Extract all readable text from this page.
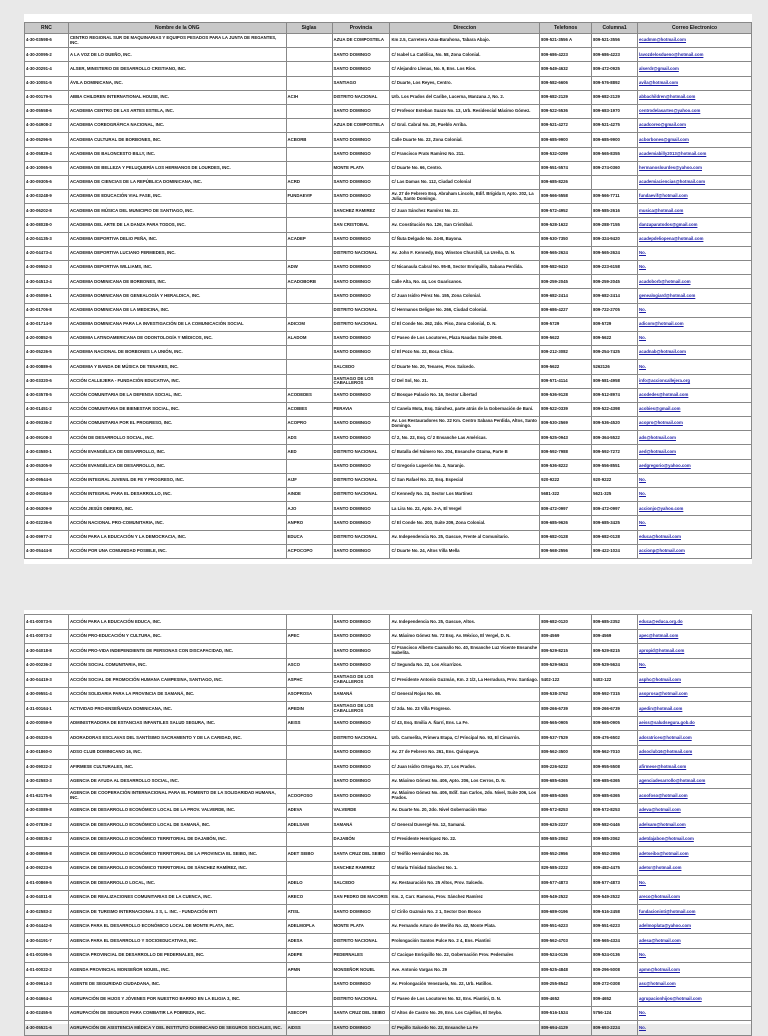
RNC	Nombre de la ONG	Siglas	Provincia	Direccion	Telefonos	Columna1	Correo Electronico
4-30-03598-6	CENTRO REGIONAL SUR DE MAQUINARIAS Y EQUIPOS PESADOS PARA LA JUNTA DE REGANTES, INC.		AZUA DE COMPOSTELA	Km 2.5, Carretera Azua-Barahona, Tabara Abajo.	809-521-3556 A	809-521-3556	ecadmm@hotmail.com
4-30-20095-2	A LA VOZ DE LO DUEÑO, INC.		SANTO DOMINGO	C/ Isabel La Católica, No. 58, Zona Colonial.	809-686-4223	809-686-4223	lavozdelosdueno@hotmail.com
4-30-20291-4	ALSER, MINISTERIO DE DESARROLLO CRISTIANO, INC.		SANTO DOMINGO	C/ Alejandro Llenas, No. 9, Ens. Los Ríos.	809-549-4632	809-472-0925	alserdr@gmail.com
4-30-10051-5	ÁVILA DOMINICANA, INC.		SANTIAGO	C/ Duarte, Los Reyes, Centro.	809-582-6606	809-576-8892	avila@hotmail.com
4-30-00179-5	ABBA CHILDREN INTERNATIONAL HOUSE, INC.	ACIH	DISTRITO NACIONAL	Urb. Los Prados del Caribe, Lucerna, Manzana J, No. 2.	809-682-2129	809-682-2129	abbachildren@hotmail.com
4-30-05558-6	ACADEMIA CENTRO DE LAS ARTES ESTELA, INC.		SANTO DOMINGO	C/ Profesor Esteban Suazo No. 13, Urb. Residencial Máximo Gómez.	809-522-5536	809-683-1970	centrodelasartes@yahoo.com
4-30-04908-2	ACADEMIA COREOGRÁFICA NACIONAL, INC.		AZUA DE COMPOSTELA	C/ Gral. Cabral No. 20, Pueblo Arriba.	809-521-4272	809-521-4275	acadcoreo@gmail.com
4-30-05296-5	ACADEMIA CULTURAL DE BORBONES, INC.	ACBORB	SANTO DOMINGO	Calle Duarte No. 22, Zona Colonial.	809-685-9900	809-685-9900	acborbones@gmail.com
4-30-05829-4	ACADEMIA DE BALONCESTO BILLY, INC.		SANTO DOMINGO	C/ Francisco Prats Ramírez No. 211.	809-532-0299	809-565-8355	academiabilly2013@hotmail.com
4-30-10065-5	ACADEMIA DE BELLEZA Y PELUQUERÍA LOS HERMANOS DE LOURDES, INC.		MONTE PLATA	C/ Duarte No. 66, Centro.	809-551-5574	809-274-0360	hermanoslourdes@yahoo.com
4-30-09305-6	ACADEMIA DE CIENCIAS DE LA REPÚBLICA DOMINICANA, INC.	ACRD	SANTO DOMINGO	C/ Las Damas No. 112, Ciudad Colonial	809-685-8226		academiaciencias@hotmail.com
4-30-03248-9	ACADEMIA DE EDUCACIÓN VIAL FASE, INC.	FUNDAEVIF	SANTO DOMINGO	Av. 27 de Febrero Esq. Abraham Lincoln, Edif. Brígida II, Apto. 202, La Julia, Santo Domingo.	809-566-5558	809-566-7711	fundaevif@hotmail.com
4-30-06202-8	ACADEMIA DE MÚSICA DEL MUNICIPIO DE SANTIAGO, INC.		SANCHEZ RAMIREZ	C/ Juan Sánchez Ramírez No. 22.	809-572-4952	809-585-2616	musica@hotmail.com
4-30-08028-0	ACADEMIA DEL ARTE DE LA DANZA PARA TODOS, INC.		SAN CRISTOBAL	Av. Constitución No. 126, San Cristóbal.	809-528-1622	809-288-7155	danzaparatodos@gmail.com
4-20-04135-3	ACADEMIA DEPORTIVA DELIO PEÑA, INC.	ACADEP	SANTO DOMINGO	C/ Ñuta Delgado No. 24-B, Bayona.	809-530-7350	809-324-9420	acadepdeliopena@hotmail.com
4-20-04473-4	ACADEMIA DEPORTIVA LUCIANO FERMEDES, INC.		DISTRITO NACIONAL	Av. John F. Kennedy, Esq. Winston Churchill, La Ureña, D. N.	809-565-2624	809-565-2624	No.
4-30-09552-3	ACADEMIA DEPORTIVA WILLIAMS, INC.	ADW	SANTO DOMINGO	C/ Nicanaula Cabral No. 95-B, Sector Enriquillo, Sabana Perdida.	809-582-9410	809-223-6158	No.
4-30-04513-4	ACADEMIA DOMINICANA DE BORBONES, INC.	ACADOBORB	SANTO DOMINGO	Calle Alta, No. 44, Los Guaricanos.	809-259-2045	809-259-2045	acadoborb@hotmail.com
4-30-05059-1	ACADEMIA DOMINICANA DE GENEALOGÍA Y HERALDICA, INC.		SANTO DOMINGO	C/ Juan Isidro Pérez No. 155, Zona Colonial.	809-682-2414	809-682-2414	genealogiard@hotmail.com
4-30-01706-8	ACADEMIA DOMINICANA DE LA MEDICINA, INC.		DISTRITO NACIONAL	C/ Hermanos Deligne No. 266, Ciudad Colonial.	809-686-4227	809-722-2705	No.
4-30-01714-9	ACADEMIA DOMINICANA PARA LA INVESTIGACIÓN DE LA COMUNICACIÓN SOCIAL	ADICOM	DISTRITO NACIONAL	C/ El Conde No. 262, 2do. Piso, Zona Colonial, D. N.	809-5729	809-5729	adicom@hotmail.com
4-20-00852-5	ACADEMIA LATINOAMERICANA DE ODONTOLOGÍA Y MÉDICOS, INC.	ALADOM	SANTO DOMINGO	C/ Paseo de Los Locutores, Plaza Naudas Suite 206-B.	809-5622	809-5622	No.
4-30-05226-5	ACADEMIA NACIONAL DE BORBONES LA UNIÓN, INC.		SANTO DOMINGO	C/ El Pozo No. 22, Boca Chica.	809-212-3082	809-254-7425	acadnab@hotmail.com
4-30-00889-6	ACADEMIA Y BANDA DE MÚSICA DE TENARES, INC.		SALCEDO	C/ Duarte No. 20, Tenares, Prov. Salcedo.	809-5622	5262126	No.
4-30-03320-6	ACCIÓN CALLEJERA - FUNDACIÓN EDUCATIVA, INC.		SANTIAGO DE LOS CABALLEROS	C/ Del Sol, No. 21.	809-571-4114	809-581-4958	info@accioncallejera.org
4-30-03578-5	ACCIÓN COMUNITARIA DE LA DEFENSA SOCIAL, INC.	ACODEDES	SANTO DOMINGO	C/ Bosque Palacio No. 16, Sector Libertad	809-536-9128	809-512-8974	acodedes@hotmail.com
4-30-01451-2	ACCIÓN COMUNITARIA DE BIENESTAR SOCIAL, INC.	ACOBIES	PERAVIA	C/ Canela Mota, Esq. Sánchez, parte atrás de la Gobernación de Baní.	809-522-0339	809-522-4398	acobies@gmail.com
4-30-09336-2	ACCIÓN COMUNITARIA POR EL PROGRESO, INC.	ACOPRO	SANTO DOMINGO	Av. Los Restauradores No. 22 Km. Centro Sabana Perdida, Altos, Santo Domingo.	809-530-2569	809-536-4520	acopro@hotmail.com
4-30-09108-3	ACCIÓN DE DESARROLLO SOCIAL, INC.	ADS	SANTO DOMINGO	C/ 2, No. 22, Esq. C/ 2 Ensanche Las Américas.	809-525-0943	809-364-5522	ads@hotmail.com
4-30-03580-1	ACCIÓN EVANGÉLICA DE DESARROLLO, INC.	AED	DISTRITO NACIONAL	C/ Batalla del Número No. 204, Ensanche Ozama, Parte B	809-592-7988	809-592-7272	aed@hotmail.com
4-30-05305-9	ACCIÓN EVANGÉLICA DE DESARROLLO, INC.		SANTO DOMINGO	C/ Gregorio Luperón No. 2, Naranjo.	809-536-8222	809-556-8551	aedgregorio@yahoo.com
4-30-09544-6	ACCIÓN INTEGRAL JUVENIL DE FE Y PROGRESO, INC.	AIJF	DISTRITO NACIONAL	C/ San Rafael No. 22, Esq. Especial	920-9222	920-9222	No.
4-20-09184-9	ACCIÓN INTEGRAL PARA EL DESARROLLO, INC.	AINDE	DISTRITO NACIONAL	C/ Kennedy No. 24, Sector Los Martínez	5681-322	5621-325	No.
4-30-06309-9	ACCIÓN JESÚS OBRERO, INC.	AJO	SANTO DOMINGO	La Lira No. 22, Apto. 2-A, El Vergel	809-472-0997	809-472-0997	accionjo@yahoo.com
4-30-02236-6	ACCIÓN NACIONAL PRO-COMUNITARIA, INC.	ANPRO	SANTO DOMINGO	C/ El Conde No. 203, Suite 209, Zona Colonial.	809-685-9626	809-685-3425	No.
4-30-09977-2	ACCIÓN PARA LA EDUCACIÓN Y LA DEMOCRACIA, INC.	EDUCA	DISTRITO NACIONAL	Av. Independencia No. 25, Gascue, Frente al Comunitario.	809-682-0128	809-682-0128	educa@hotmail.com
4-30-05444-8	ACCIÓN POR UNA COMUNIDAD POSIBLE, INC.	ACPOCOPO	SANTO DOMINGO	C/ Duarte No. 24, Altos Villa Mella	809-568-2556	809-422-1024	accionp@hotmail.com
4-01-00073-5	ACCIÓN PARA LA EDUCACIÓN EDUCA, INC.		SANTO DOMINGO	Av. Independencia No. 25, Gascue, Altos.	809-682-0120	809-685-2352	educa@educa.org.do
4-01-00073-2	ACCIÓN PRO-EDUCACIÓN Y CULTURA, INC.	APEC	SANTO DOMINGO	Av. Máximo Gómez No. 72 Esq. Av. México, El Vergel, D. N.	809-4569	809-4569	apec@hotmail.com
4-30-04018-8	ACCIÓN PRO-VIDA INDEPENDIENTE DE PERSONAS CON DISCAPACIDAD, INC.		SANTO DOMINGO	C/ Francisco Alberto Caamaño No. 40, Ensanche Luz Vicente Ensanche Isabelita.	809-529-8215	809-529-8215	apropid@hotmail.com
4-20-00236-2	ACCIÓN SOCIAL COMUNITARIA, INC.	ASCO	SANTO DOMINGO	C/ Segunda No. 22, Los Alcarrizos.	809-529-5624	809-529-5624	No.
4-30-04419-3	ACCIÓN SOCIAL DE PROMOCIÓN HUMANA CAMPESINA, SANTIAGO, INC.	ASPHC	SANTIAGO DE LOS CABALLEROS	C/ Presidente Antonio Guzmán, Km. 2 1/2, La Herradura, Prov. Santiago.	5402-122	5402-122	asphc@hotmail.com
4-30-09551-4	ACCIÓN SOLIDARIA PARA LA PROVINCIA DE SAMANÁ, INC.	ASOPROSA	SAMANÁ	C/ General Rojas No. 66.	809-538-3762	809-592-7315	asoprosa@hotmail.com
4-31-00164-1	ACTIVIDAD PRO-ENSEÑANZA DOMINICANA, INC.	APEDIN	SANTIAGO DE LOS CABALLEROS	C/ 2da. No. 23 Villa Progreso.	809-266-6739	809-266-6739	apedin@hotmail.com
4-20-00059-9	ADMINISTRADORA DE ESTANCIAS INFANTILES SALUD SEGURA, INC.	AEISS	SANTO DOMINGO	C/ 43, Esq. Emilia A. Ñarrí, Ens. La Fe.	809-565-0905	809-565-0905	aeiss@saludsegura.gob.do
4-30-05320-5	ADORADORAS ESCLAVAS DEL SANTÍSIMO SACRAMENTO Y DE LA CARIDAD, INC.		DISTRITO NACIONAL	Urb. Carmelita, Primera Etapa, C/ Principal No. 93, El Cimarrón.	809-537-7529	809-476-6502	adoratrices@hotmail.com
4-30-01860-0	ADSO CLUB DOMINICANO 16, INC.		SANTO DOMINGO	Av. 27 de Febrero No. 261, Ens. Quisqueya.	809-562-3500	809-562-7010	adsoclub16@hotmail.com
4-30-09022-2	AFIRMESE CULTURALES, INC.		SANTO DOMINGO	C/ Juan Isidro Ortega No. 27, Los Prados.	809-226-5232	809-955-5508	afirmese@hotmail.com
4-30-02583-3	AGENCIA DE AYUDA AL DESARROLLO SOCIAL, INC.		SANTO DOMINGO	Av. Máximo Gómez No. 406, Apto. 206, Los Cerros, D. N.	809-685-6365	809-685-6365	agenciadesarrollo@hotmail.com
4-01-62175-6	AGENCIA DE COOPERACIÓN INTERNACIONAL PARA EL FOMENTO DE LA SOLIDARIDAD HUMANA, INC.	ACOOFOSO	SANTO DOMINGO	Av. Máximo Gómez No. 406, Edif. San Carlos, 2do. Nivel, Suite 206, Los Prados.	809-685-6365	809-685-6365	acoofoso@hotmail.com
4-30-03089-8	AGENCIA DE DESARROLLO ECONÓMICO LOCAL DE LA PROV. VALVERDE, INC.	ADEVA	VALVERDE	Av. Duarte No. 20, 2do. Nivel Gobernación Mao	809-572-8253	809-572-8253	adeva@hotmail.com
4-20-07839-2	AGENCIA DE DESARROLLO ECONÓMICO LOCAL DE SAMANÁ, INC.	ADELSAM	SAMANÁ	C/ General Duvergé No. 12, Samaná.	809-625-2227	809-582-0446	adelsam@hotmail.com
4-30-08035-2	AGENCIA DE DESARROLLO ECONÓMICO TERRITORIAL DE DAJABÓN, INC.		DAJABÓN	C/ Presidente Henríquez No. 22.	809-585-2062	809-585-2062	adetdajabon@hotmail.com
4-30-08955-8	AGENCIA DE DESARROLLO ECONÓMICO TERRITORIAL DE LA PROVINCIA EL SEIBO, INC.	ADET SEIBO	SANTA CRUZ DEL SEIBO	C/ Teófilo Hernández No. 26.	809-552-2956	809-552-2956	adetseibo@hotmail.com
4-30-09223-6	AGENCIA DE DESARROLLO ECONÓMICO TERRITORIAL DE SÁNCHEZ RAMÍREZ, INC.		SANCHEZ RAMIREZ	C/ María Trinidad Sánchez No. 1.	829-585-2222	809-482-4475	adetsr@hotmail.com
4-01-00869-5	AGENCIA DE DESARROLLO LOCAL, INC.	ADELO	SALCEDO	Av. Restauración No. 25 Altos, Prov. Salcedo.	809-577-4873	809-577-4873	No.
4-30-04011-8	AGENCIA DE REALIZACIONES COMUNITARIAS DE LA CUENCA, INC.	ARECO	SAN PEDRO DE MACORIS	Km. 2, Carr. Ramona, Prov. Sánchez Ramírez	809-549-2522	809-549-2522	areco@hotmail.com
4-30-02583-2	AGENCIA DE TURISMO INTERNACIONAL 3 S, L. INC. - FUNDACIÓN INTI	ATISL	SANTO DOMINGO	C/ Cirilo Guzmán No. 2 1, Sector Don Bosco	809-689-0196	809-516-2458	fundacioninti@hotmail.com
4-30-04442-6	AGENCIA PARA EL DESARROLLO ECONÓMICO LOCAL DE MONTE PLATA, INC.	ADELMOPLA	MONTE PLATA	Av. Fernando Arturo de Meriño No. 42, Monte Plata.	809-551-6223	809-551-6223	adelmoplata@yahoo.com
4-30-04191-7	AGENCIA PARA EL DESARROLLO Y SOCIOEDUCATIVAS, INC.	ADESA	DISTRITO NACIONAL	Prolongación Santos Pulce No. 2 4, Ens. Piantini	809-562-4703	809-565-4324	adesa@hotmail.com
4-01-00195-5	AGENCIA PROVINCIAL DE DESARROLLO DE PEDERNALES, INC.	ADEPE	PEDERNALES	C/ Cacique Enriquillo No. 22, Gobernación Prov. Pedernales	809-524-0136	809-524-0136	No.
4-01-00022-2	AGENDA PROVINCIAL MONSEÑOR NOUEL, INC.	APMN	MONSEÑOR NOUEL	Ave. Antonio Vargas No. 29	809-525-4848	809-296-5008	apmn@hotmail.com
4-30-09614-3	AGENTE DE SEGURIDAD CIUDADANA, INC.		SANTO DOMINGO	Av. Prolongación Venezuela, No. 22, Urb. Hatillos.	809-255-8542	809-272-0308	asc@hotmail.com
4-30-04664-4	AGRUPACIÓN DE HIJOS Y JÓVENES POR NUESTRO BARRIO EN LA ELIGIA 3, INC.		DISTRITO NACIONAL	C/ Paseo de Los Locutores No. 52, Ens. Piantini, D. N.	809-4652	809-4652	agrupacionhijos@hotmail.com
4-30-02455-5	AGRUPACIÓN DE SEGUROS PARA COMBATIR LA POBREZA, INC.	ASECOPI	SANTA CRUZ DEL SEIBO	C/ Altos de Castro No. 29, Ens. Los Cajellos, El Seybo.	809-516-1524	5756-124	No.
4-30-05521-6	AGRUPACIÓN DE ASISTENCIA MÉDICA Y DEL INSTITUTO DOMINICANO DE SEGUROS SOCIALES, INC.	AIDSS	SANTO DOMINGO	C/ Pepillo Salcedo No. 22, Ensanche La Fe	809-694-4129	809-693-2224	No.
